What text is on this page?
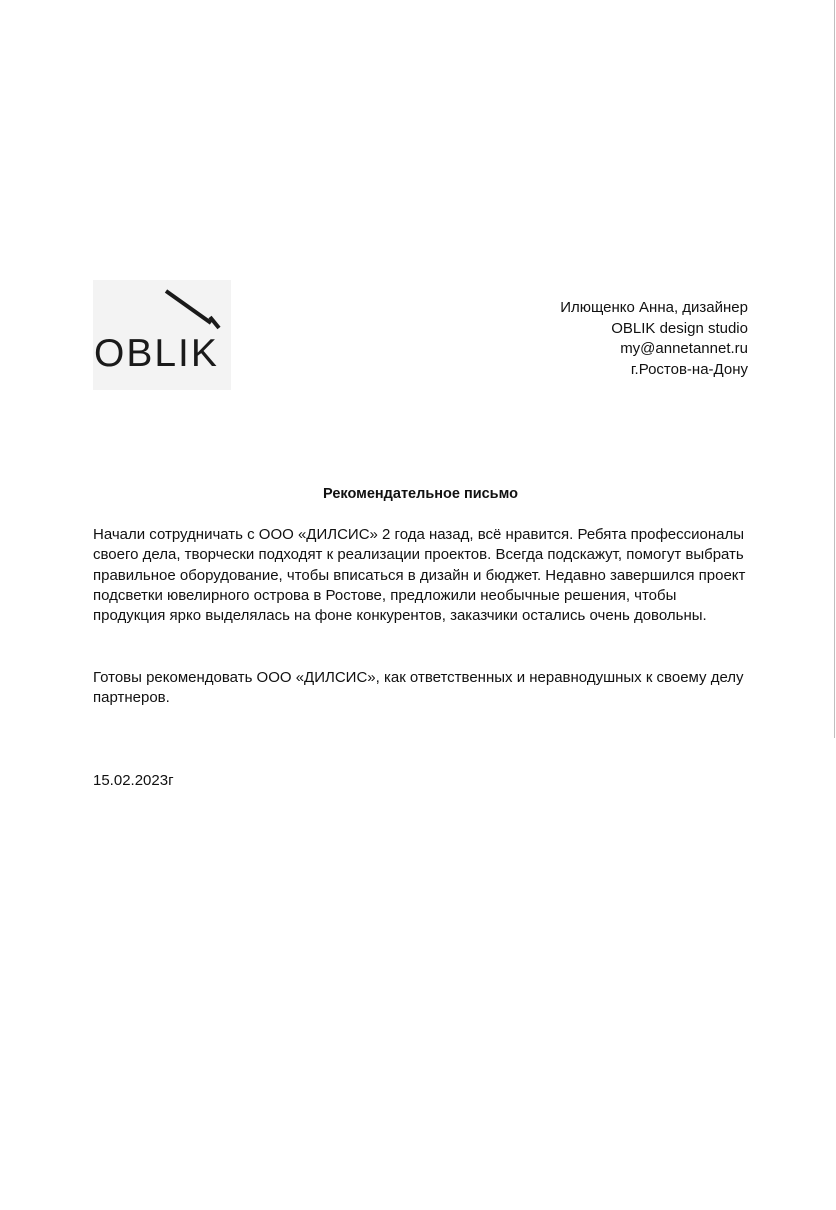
OBLIK
Илющенко Анна, дизайнер
OBLIK design studio
my@annetannet.ru
г.Ростов-на-Дону
Рекомендательное письмо

Начали сотрудничать с ООО «ДИЛСИС» 2 года назад, всё нравится. Ребята профессионалы своего дела, творчески подходят к реализации проектов. Всегда подскажут, помогут выбрать правильное оборудование, чтобы вписаться в дизайн и бюджет. Недавно завершился проект подсветки ювелирного острова в Ростове, предложили необычные решения, чтобы продукция ярко выделялась на фоне конкурентов, заказчики остались очень довольны.

Готовы рекомендовать ООО «ДИЛСИС», как ответственных и неравнодушных к своему делу партнеров.

15.02.2023г
